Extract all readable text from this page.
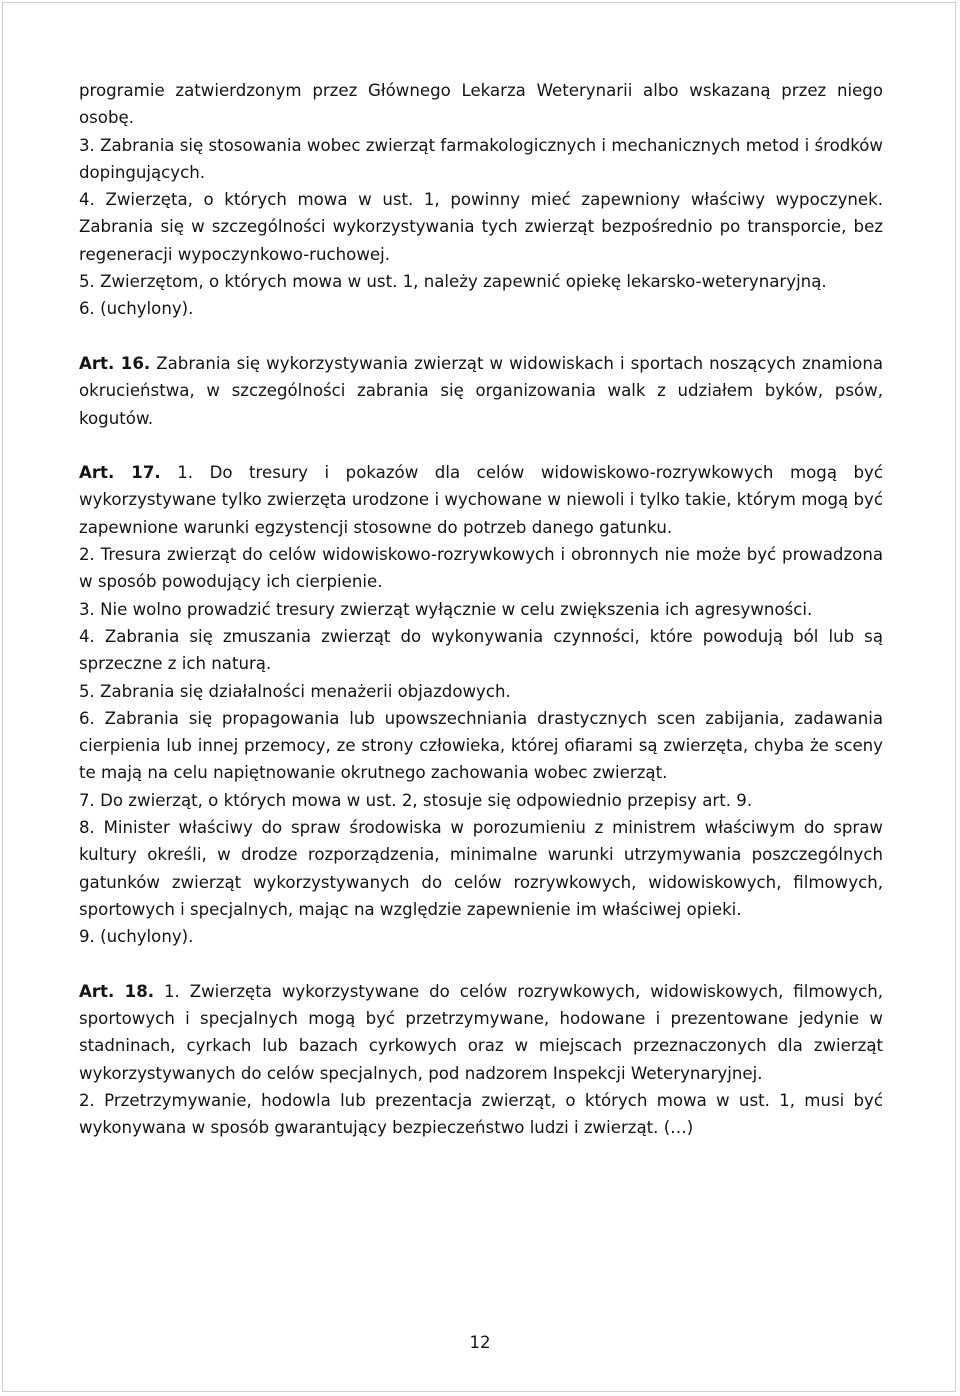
programie zatwierdzonym przez Głównego Lekarza Weterynarii albo wskazaną przez niego osobę.

3. Zabrania się stosowania wobec zwierząt farmakologicznych i mechanicznych metod i środków dopingujących.

4. Zwierzęta, o których mowa w ust. 1, powinny mieć zapewniony właściwy wypoczynek. Zabrania się w szczególności wykorzystywania tych zwierząt bezpośrednio po transporcie, bez regeneracji wypoczynkowo-ruchowej.

5. Zwierzętom, o których mowa w ust. 1, należy zapewnić opiekę lekarsko-weterynaryjną.

6. (uchylony).

Art. 16. Zabrania się wykorzystywania zwierząt w widowiskach i sportach noszących znamiona okrucieństwa, w szczególności zabrania się organizowania walk z udziałem byków, psów, kogutów.

Art. 17. 1. Do tresury i pokazów dla celów widowiskowo-rozrywkowych mogą być wykorzystywane tylko zwierzęta urodzone i wychowane w niewoli i tylko takie, którym mogą być zapewnione warunki egzystencji stosowne do potrzeb danego gatunku.

2. Tresura zwierząt do celów widowiskowo-rozrywkowych i obronnych nie może być prowadzona w sposób powodujący ich cierpienie.

3. Nie wolno prowadzić tresury zwierząt wyłącznie w celu zwiększenia ich agresywności.

4. Zabrania się zmuszania zwierząt do wykonywania czynności, które powodują ból lub są sprzeczne z ich naturą.

5. Zabrania się działalności menażerii objazdowych.

6. Zabrania się propagowania lub upowszechniania drastycznych scen zabijania, zadawania cierpienia lub innej przemocy, ze strony człowieka, której ofiarami są zwierzęta, chyba że sceny te mają na celu napiętnowanie okrutnego zachowania wobec zwierząt.

7. Do zwierząt, o których mowa w ust. 2, stosuje się odpowiednio przepisy art. 9.

8. Minister właściwy do spraw środowiska w porozumieniu z ministrem właściwym do spraw kultury określi, w drodze rozporządzenia, minimalne warunki utrzymywania poszczególnych gatunków zwierząt wykorzystywanych do celów rozrywkowych, widowiskowych, filmowych, sportowych i specjalnych, mając na względzie zapewnienie im właściwej opieki.

9. (uchylony).

Art. 18. 1. Zwierzęta wykorzystywane do celów rozrywkowych, widowiskowych, filmowych, sportowych i specjalnych mogą być przetrzymywane, hodowane i prezentowane jedynie w stadninach, cyrkach lub bazach cyrkowych oraz w miejscach przeznaczonych dla zwierząt wykorzystywanych do celów specjalnych, pod nadzorem Inspekcji Weterynaryjnej.

2. Przetrzymywanie, hodowla lub prezentacja zwierząt, o których mowa w ust. 1, musi być wykonywana w sposób gwarantujący bezpieczeństwo ludzi i zwierząt. (…)

12
